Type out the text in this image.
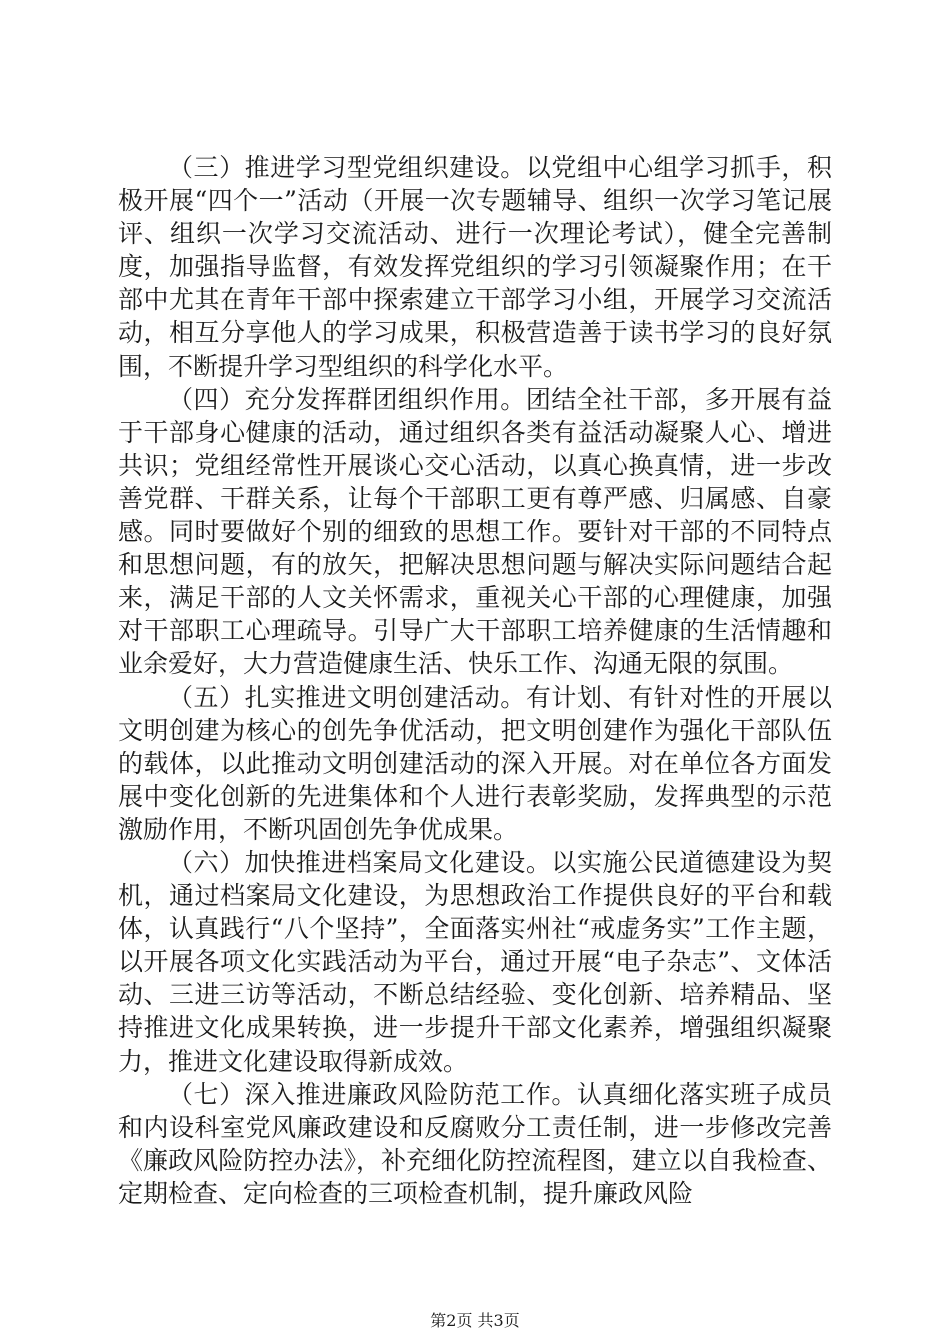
（三）推进学习型党组织建设。以党组中心组学习抓手，积极开展“四个一”活动（开展一次专题辅导、组织一次学习笔记展评、组织一次学习交流活动、进行一次理论考试），健全完善制度，加强指导监督，有效发挥党组织的学习引领凝聚作用；在干部中尤其在青年干部中探索建立干部学习小组，开展学习交流活动，相互分享他人的学习成果，积极营造善于读书学习的良好氛围，不断提升学习型组织的科学化水平。

（四）充分发挥群团组织作用。团结全社干部，多开展有益于干部身心健康的活动，通过组织各类有益活动凝聚人心、增进共识；党组经常性开展谈心交心活动，以真心换真情，进一步改善党群、干群关系，让每个干部职工更有尊严感、归属感、自豪感。同时要做好个别的细致的思想工作。要针对干部的不同特点和思想问题，有的放矢，把解决思想问题与解决实际问题结合起来，满足干部的人文关怀需求，重视关心干部的心理健康，加强对干部职工心理疏导。引导广大干部职工培养健康的生活情趣和业余爱好，大力营造健康生活、快乐工作、沟通无限的氛围。

（五）扎实推进文明创建活动。有计划、有针对性的开展以文明创建为核心的创先争优活动，把文明创建作为强化干部队伍的载体，以此推动文明创建活动的深入开展。对在单位各方面发展中变化创新的先进集体和个人进行表彰奖励，发挥典型的示范激励作用，不断巩固创先争优成果。

（六）加快推进档案局文化建设。以实施公民道德建设为契机，通过档案局文化建设，为思想政治工作提供良好的平台和载体，认真践行“八个坚持”，全面落实州社“戒虚务实”工作主题，以开展各项文化实践活动为平台，通过开展“电子杂志”、文体活动、三进三访等活动，不断总结经验、变化创新、培养精品、坚持推进文化成果转换，进一步提升干部文化素养，增强组织凝聚力，推进文化建设取得新成效。

（七）深入推进廉政风险防范工作。认真细化落实班子成员和内设科室党风廉政建设和反腐败分工责任制，进一步修改完善《廉政风险防控办法》，补充细化防控流程图，建立以自我检查、定期检查、定向检查的三项检查机制，提升廉政风险

第2页 共3页
